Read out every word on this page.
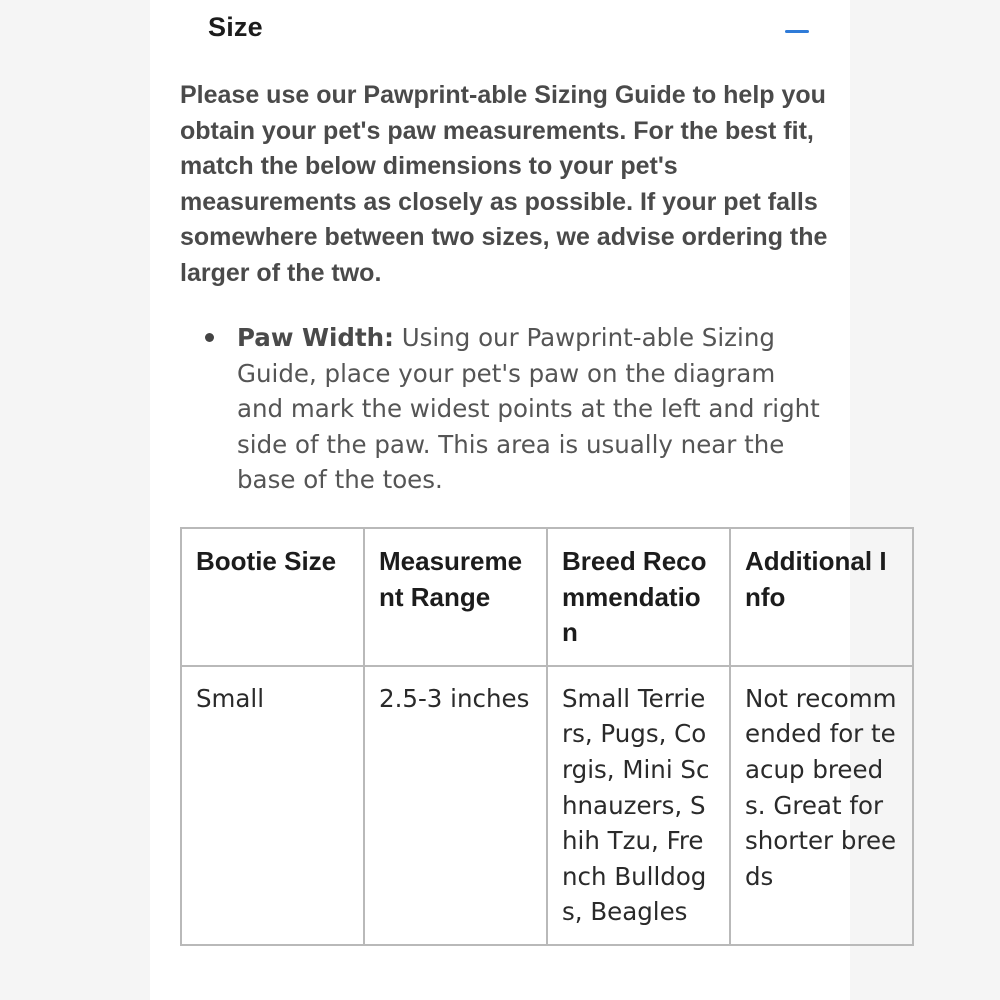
Size

Please use our Pawprint-able Sizing Guide to help you obtain your pet's paw measurements. For the best fit, match the below dimensions to your pet's measurements as closely as possible. If your pet falls somewhere between two sizes, we advise ordering the larger of the two.

Paw Width: Using our Pawprint-able Sizing Guide, place your pet's paw on the diagram and mark the widest points at the left and right side of the paw. This area is usually near the base of the toes.
Bootie Size	Measurement Range	Breed Recommendation	Additional Info
Small	2.5-3 inches	Small Terriers, Pugs, Corgis, Mini Schnauzers, Shih Tzu, French Bulldogs, Beagles	Not recommended for teacup breeds. Great for shorter breeds
